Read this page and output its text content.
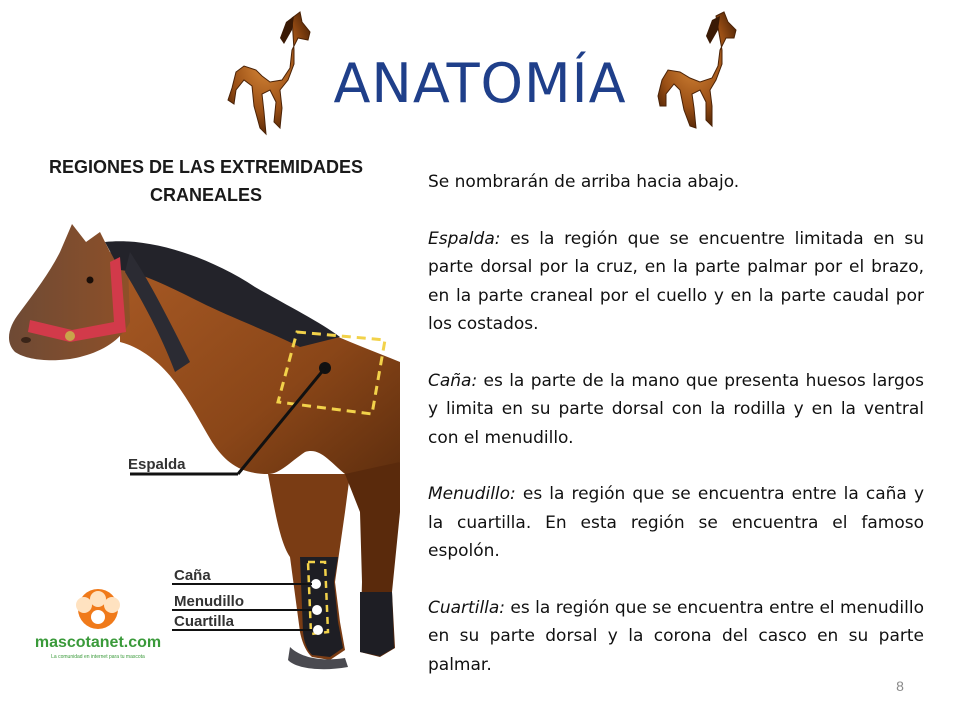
ANATOMÍA
REGIONES DE LAS EXTREMIDADES CRANEALES
Espalda
Caña
Menudillo
Cuartilla
mascotanet.com
La comunidad en internet para tu mascota

Se nombrarán de arriba hacia abajo.

Espalda: es la región que se encuentre limitada en su parte dorsal por la cruz, en la parte palmar por el brazo, en la parte craneal por el cuello y en la parte caudal por los costados.

Caña: es la parte de la mano que presenta huesos largos y limita en su parte dorsal con la rodilla y en la ventral con el menudillo.

Menudillo: es la región que se encuentra entre la caña y la cuartilla. En esta región se encuentra el famoso espolón.

Cuartilla: es la región que se encuentra entre el menudillo en su parte dorsal y la corona del casco en su parte palmar.

8
